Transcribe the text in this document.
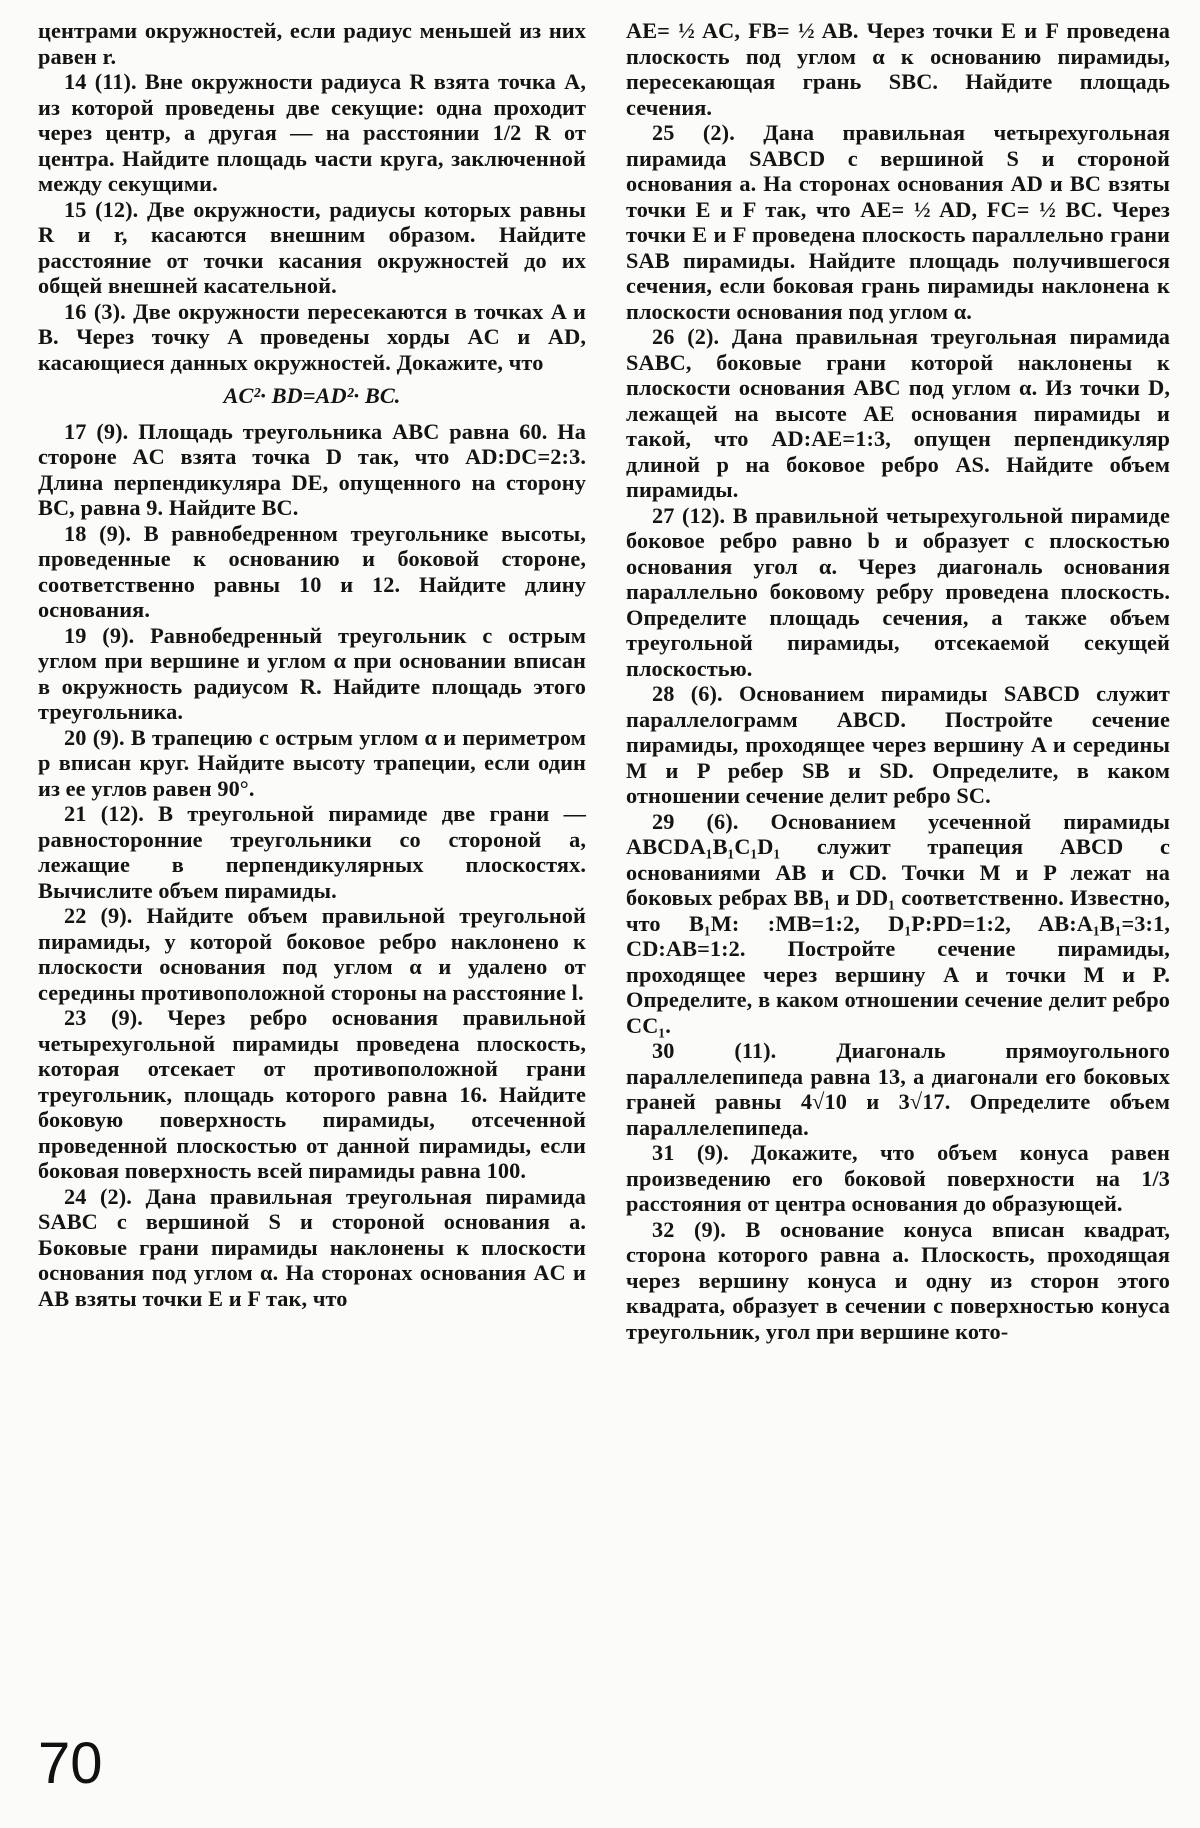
центрами окружностей, если радиус меньшей из них равен r.

14 (11). Вне окружности радиуса R взята точка A, из которой проведены две секущие: одна проходит через центр, а другая — на расстоянии 1/2 R от центра. Найдите площадь части круга, заключенной между секущими.

15 (12). Две окружности, радиусы которых равны R и r, касаются внешним образом. Найдите расстояние от точки касания окружностей до их общей внешней касательной.

16 (3). Две окружности пересекаются в точках A и B. Через точку A проведены хорды AC и AD, касающиеся данных окружностей. Докажите, что

AC²· BD=AD²· BC.

17 (9). Площадь треугольника ABC равна 60. На стороне AC взята точка D так, что AD:DC=2:3. Длина перпендикуляра DE, опущенного на сторону BC, равна 9. Найдите BC.

18 (9). В равнобедренном треугольнике высоты, проведенные к основанию и боковой стороне, соответственно равны 10 и 12. Найдите длину основания.

19 (9). Равнобедренный треугольник с острым углом при вершине и углом α при основании вписан в окружность радиусом R. Найдите площадь этого треугольника.

20 (9). В трапецию с острым углом α и периметром p вписан круг. Найдите высоту трапеции, если один из ее углов равен 90°.

21 (12). В треугольной пирамиде две грани — равносторонние треугольники со стороной a, лежащие в перпендикулярных плоскостях. Вычислите объем пирамиды.

22 (9). Найдите объем правильной треугольной пирамиды, у которой боковое ребро наклонено к плоскости основания под углом α и удалено от середины противоположной стороны на расстояние l.

23 (9). Через ребро основания правильной четырехугольной пирамиды проведена плоскость, которая отсекает от противоположной грани треугольник, площадь которого равна 16. Найдите боковую поверхность пирамиды, отсеченной проведенной плоскостью от данной пирамиды, если боковая поверхность всей пирамиды равна 100.

24 (2). Дана правильная треугольная пирамида SABC с вершиной S и стороной основания a. Боковые грани пирамиды наклонены к плоскости основания под углом α. На сторонах основания AC и AB взяты точки E и F так, что

AE= ½ AC, FB= ½ AB. Через точки E и F проведена плоскость под углом α к основанию пирамиды, пересекающая грань SBC. Найдите площадь сечения.

25 (2). Дана правильная четырехугольная пирамида SABCD с вершиной S и стороной основания a. На сторонах основания AD и BC взяты точки E и F так, что AE= ½ AD, FC= ½ BC. Через точки E и F проведена плоскость параллельно грани SAB пирамиды. Найдите площадь получившегося сечения, если боковая грань пирамиды наклонена к плоскости основания под углом α.

26 (2). Дана правильная треугольная пирамида SABC, боковые грани которой наклонены к плоскости основания ABC под углом α. Из точки D, лежащей на высоте AE основания пирамиды и такой, что AD:AE=1:3, опущен перпендикуляр длиной p на боковое ребро AS. Найдите объем пирамиды.

27 (12). В правильной четырехугольной пирамиде боковое ребро равно b и образует с плоскостью основания угол α. Через диагональ основания параллельно боковому ребру проведена плоскость. Определите площадь сечения, а также объем треугольной пирамиды, отсекаемой секущей плоскостью.

28 (6). Основанием пирамиды SABCD служит параллелограмм ABCD. Постройте сечение пирамиды, проходящее через вершину A и середины M и P ребер SB и SD. Определите, в каком отношении сечение делит ребро SC.

29 (6). Основанием усеченной пирамиды ABCDA₁B₁C₁D₁ служит трапеция ABCD с основаниями AB и CD. Точки M и P лежат на боковых ребрах BB₁ и DD₁ соответственно. Известно, что B₁M: :MB=1:2, D₁P:PD=1:2, AB:A₁B₁=3:1, CD:AB=1:2. Постройте сечение пирамиды, проходящее через вершину A и точки M и P. Определите, в каком отношении сечение делит ребро CC₁.

30 (11). Диагональ прямоугольного параллелепипеда равна 13, а диагонали его боковых граней равны 4√10 и 3√17. Определите объем параллелепипеда.

31 (9). Докажите, что объем конуса равен произведению его боковой поверхности на 1/3 расстояния от центра основания до образующей.

32 (9). В основание конуса вписан квадрат, сторона которого равна a. Плоскость, проходящая через вершину конуса и одну из сторон этого квадрата, образует в сечении с поверхностью конуса треугольник, угол при вершине кото-

70
